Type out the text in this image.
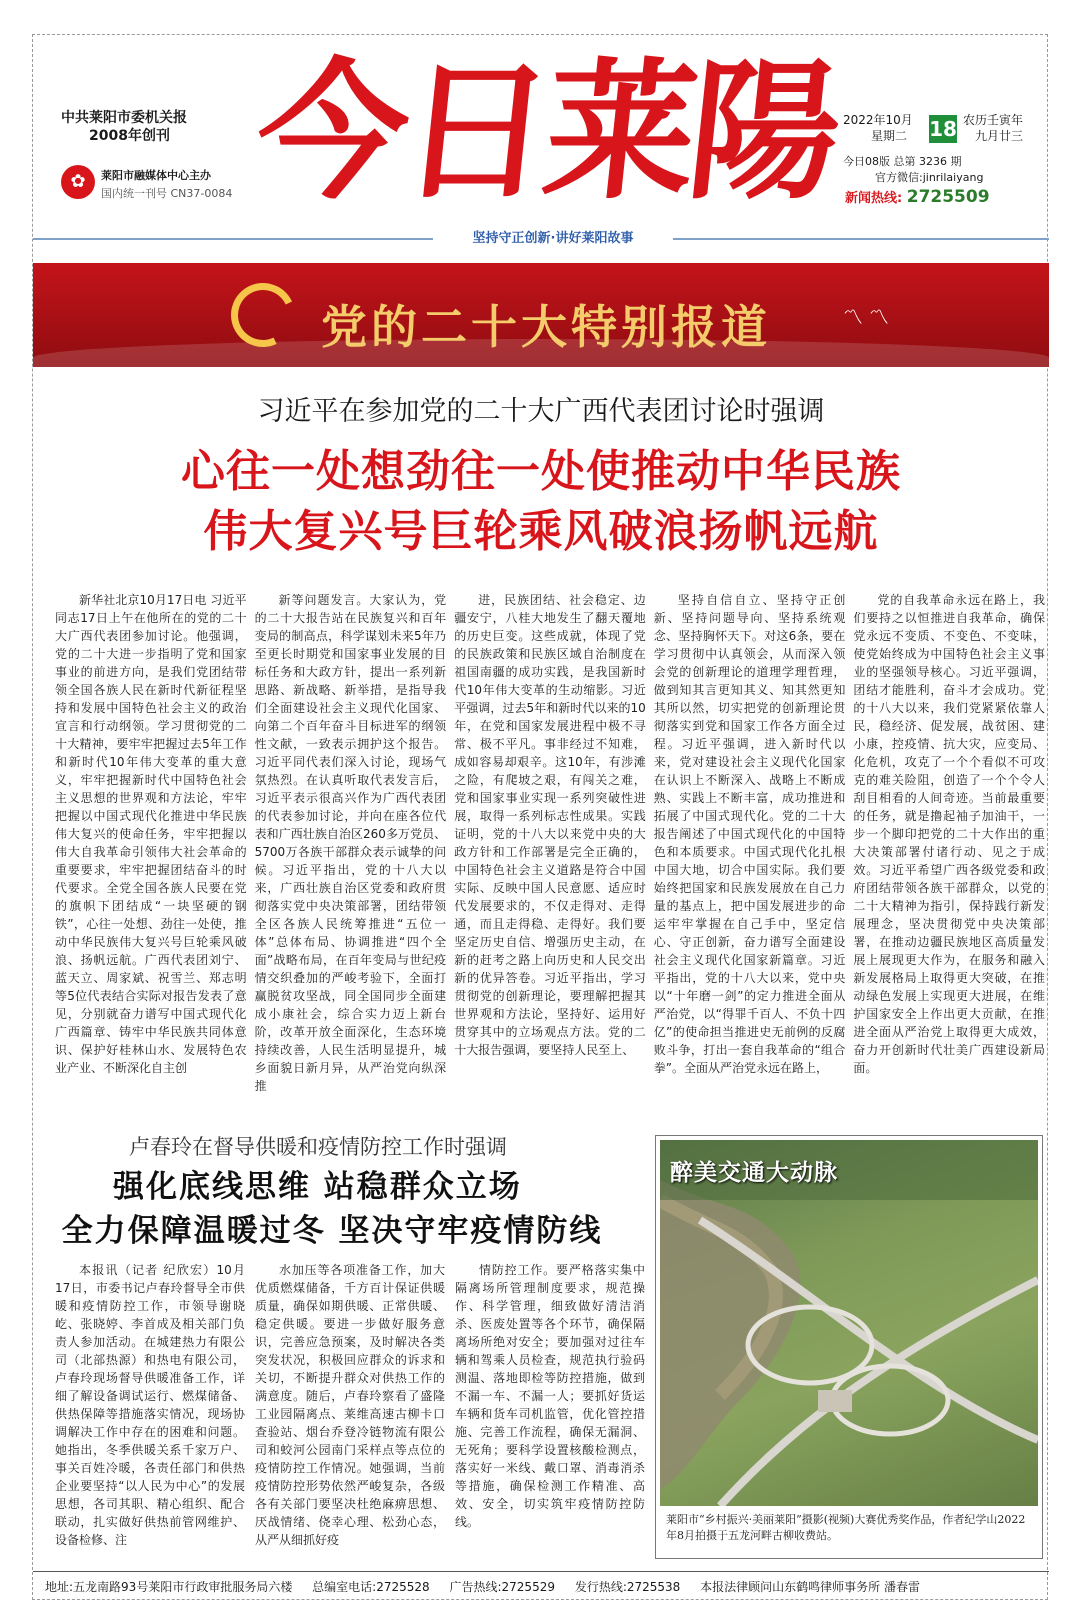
中共莱阳市委机关报
2008年创刊
✿	莱阳市融媒体中心主办
国内统一刊号 CN37-0084 今日莱陽 2022年10月
星期二 18 农历壬寅年
九月廿三
今日08版 总第 3236 期
官方微信:jinrilaiyang
新闻热线: 2725509
坚持守正创新·讲好莱阳故事
党的二十大特别报道	〽〽
习近平在参加党的二十大广西代表团讨论时强调
心往一处想劲往一处使推动中华民族
伟大复兴号巨轮乘风破浪扬帆远航
新华社北京10月17日电 习近平同志17日上午在他所在的党的二十大广西代表团参加讨论。他强调，党的二十大进一步指明了党和国家事业的前进方向，是我们党团结带领全国各族人民在新时代新征程坚持和发展中国特色社会主义的政治宣言和行动纲领。学习贯彻党的二十大精神，要牢牢把握过去5年工作和新时代10年伟大变革的重大意义，牢牢把握新时代中国特色社会主义思想的世界观和方法论，牢牢把握以中国式现代化推进中华民族伟大复兴的使命任务，牢牢把握以伟大自我革命引领伟大社会革命的重要要求，牢牢把握团结奋斗的时代要求。全党全国各族人民要在党的旗帜下团结成“一块坚硬的钢铁”，心往一处想、劲往一处使，推动中华民族伟大复兴号巨轮乘风破浪、扬帆远航。广西代表团刘宁、蓝天立、周家斌、祝雪兰、郑志明等5位代表结合实际对报告发表了意见，分别就奋力谱写中国式现代化广西篇章、铸牢中华民族共同体意识、保护好桂林山水、发展特色农业产业、不断深化自主创
新等问题发言。大家认为，党的二十大报告站在民族复兴和百年变局的制高点，科学谋划未来5年乃至更长时期党和国家事业发展的目标任务和大政方针，提出一系列新思路、新战略、新举措，是指导我们全面建设社会主义现代化国家、向第二个百年奋斗目标进军的纲领性文献，一致表示拥护这个报告。习近平同代表们深入讨论，现场气氛热烈。在认真听取代表发言后，习近平表示很高兴作为广西代表团的代表参加讨论，并向在座各位代表和广西壮族自治区260多万党员、5700万各族干部群众表示诚挚的问候。习近平指出，党的十八大以来，广西壮族自治区党委和政府贯彻落实党中央决策部署，团结带领全区各族人民统筹推进“五位一体”总体布局、协调推进“四个全面”战略布局，在百年变局与世纪疫情交织叠加的严峻考验下，全面打赢脱贫攻坚战，同全国同步全面建成小康社会，综合实力迈上新台阶，改革开放全面深化，生态环境持续改善，人民生活明显提升，城乡面貌日新月异，从严治党向纵深推
进，民族团结、社会稳定、边疆安宁，八桂大地发生了翻天覆地的历史巨变。这些成就，体现了党的民族政策和民族区域自治制度在祖国南疆的成功实践，是我国新时代10年伟大变革的生动缩影。习近平强调，过去5年和新时代以来的10年，在党和国家发展进程中极不寻常、极不平凡。事非经过不知难，成如容易却艰辛。这10年，有涉滩之险，有爬坡之艰，有闯关之难，党和国家事业实现一系列突破性进展，取得一系列标志性成果。实践证明，党的十八大以来党中央的大政方针和工作部署是完全正确的，中国特色社会主义道路是符合中国实际、反映中国人民意愿、适应时代发展要求的，不仅走得对、走得通，而且走得稳、走得好。我们要坚定历史自信、增强历史主动，在新的赶考之路上向历史和人民交出新的优异答卷。习近平指出，学习贯彻党的创新理论，要理解把握其世界观和方法论，坚持好、运用好贯穿其中的立场观点方法。党的二十大报告强调，要坚持人民至上、
坚持自信自立、坚持守正创新、坚持问题导向、坚持系统观念、坚持胸怀天下。对这6条，要在学习贯彻中认真领会，从而深入领会党的创新理论的道理学理哲理，做到知其言更知其义、知其然更知其所以然，切实把党的创新理论贯彻落实到党和国家工作各方面全过程。习近平强调，进入新时代以来，党对建设社会主义现代化国家在认识上不断深入、战略上不断成熟、实践上不断丰富，成功推进和拓展了中国式现代化。党的二十大报告阐述了中国式现代化的中国特色和本质要求。中国式现代化扎根中国大地，切合中国实际。我们要始终把国家和民族发展放在自己力量的基点上，把中国发展进步的命运牢牢掌握在自己手中，坚定信心、守正创新，奋力谱写全面建设社会主义现代化国家新篇章。习近平指出，党的十八大以来，党中央以“十年磨一剑”的定力推进全面从严治党，以“得罪千百人、不负十四亿”的使命担当推进史无前例的反腐败斗争，打出一套自我革命的“组合拳”。全面从严治党永远在路上，
党的自我革命永远在路上，我们要持之以恒推进自我革命，确保党永远不变质、不变色、不变味，使党始终成为中国特色社会主义事业的坚强领导核心。习近平强调，团结才能胜利，奋斗才会成功。党的十八大以来，我们党紧紧依靠人民，稳经济、促发展，战贫困、建小康，控疫情、抗大灾，应变局、化危机，攻克了一个个看似不可攻克的难关险阻，创造了一个个令人刮目相看的人间奇迹。当前最重要的任务，就是撸起袖子加油干，一步一个脚印把党的二十大作出的重大决策部署付诸行动、见之于成效。习近平希望广西各级党委和政府团结带领各族干部群众，以党的二十大精神为指引，保持践行新发展理念，坚决贯彻党中央决策部署，在推动边疆民族地区高质量发展上展现更大作为，在服务和融入新发展格局上取得更大突破，在推动绿色发展上实现更大进展，在维护国家安全上作出更大贡献，在推进全面从严治党上取得更大成效，奋力开创新时代壮美广西建设新局面。
卢春玲在督导供暖和疫情防控工作时强调
强化底线思维 站稳群众立场
全力保障温暖过冬 坚决守牢疫情防线
本报讯（记者 纪欣宏）10月17日，市委书记卢春玲督导全市供暖和疫情防控工作，市领导谢晓屹、张晓婷、李首成及相关部门负责人参加活动。在城建热力有限公司（北部热源）和热电有限公司，卢春玲现场督导供暖准备工作，详细了解设备调试运行、燃煤储备、供热保障等措施落实情况，现场协调解决工作中存在的困难和问题。她指出，冬季供暖关系千家万户、事关百姓冷暖，各责任部门和供热企业要坚持“以人民为中心”的发展思想，各司其职、精心组织、配合联动，扎实做好供热前管网维护、设备检修、注
水加压等各项准备工作，加大优质燃煤储备，千方百计保证供暖质量，确保如期供暖、正常供暖、稳定供暖。要进一步做好服务意识，完善应急预案，及时解决各类突发状况，积极回应群众的诉求和关切，不断提升群众对供热工作的满意度。随后，卢春玲察看了盛隆工业园隔离点、莱维高速古柳卡口查验站、烟台乔登冷链物流有限公司和蛟河公园南门采样点等点位的疫情防控工作情况。她强调，当前疫情防控形势依然严峻复杂，各级各有关部门要坚决杜绝麻痹思想、厌战情绪、侥幸心理、松劲心态，从严从细抓好疫
情防控工作。要严格落实集中隔离场所管理制度要求，规范操作、科学管理，细致做好清洁消杀、医废处置等各个环节，确保隔离场所绝对安全；要加强对过往车辆和驾乘人员检查，规范执行验码测温、落地即检等防控措施，做到不漏一车、不漏一人；要抓好货运车辆和货车司机监管，优化管控措施、完善工作流程，确保无漏洞、无死角；要科学设置核酸检测点，落实好一米线、戴口罩、消毒消杀等措施，确保检测工作精准、高效、安全，切实筑牢疫情防控防线。
醉美交通大动脉
莱阳市“乡村振兴·美丽莱阳”摄影(视频)大赛优秀奖作品，作者纪学山2022年8月拍摄于五龙河畔古柳收费站。
地址:五龙南路93号莱阳市行政审批服务局六楼 总编室电话:2725528 广告热线:2725529 发行热线:2725538 本报法律顾问山东鹤鸣律师事务所 潘春雷
